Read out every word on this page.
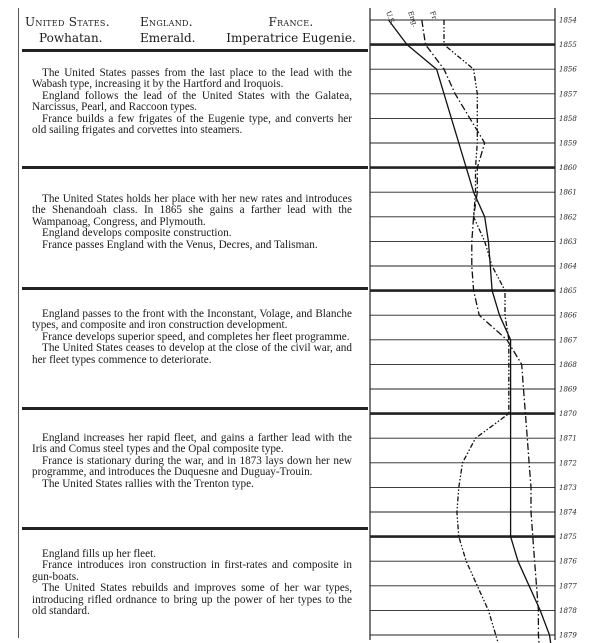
United States.
Powhatan.
England.
Emerald.
France.
Imperatrice Eugenie.

The United States passes from the last place to the lead with the Wabash type, increasing it by the Hartford and Iroquois.

England follows the lead of the United States with the Galatea, Narcissus, Pearl, and Raccoon types.

France builds a few frigates of the Eugenie type, and converts her old sailing frigates and corvettes into steamers.

The United States holds her place with her new rates and introduces the Shenandoah class. In 1865 she gains a farther lead with the Wampanoag, Congress, and Plymouth.

England develops composite construction.

France passes England with the Venus, Decres, and Talisman.

England passes to the front with the Inconstant, Volage, and Blanche types, and composite and iron construction development.

France develops superior speed, and completes her fleet programme.

The United States ceases to develop at the close of the civil war, and her fleet types commence to deteriorate.

England increases her rapid fleet, and gains a farther lead with the Iris and Comus steel types and the Opal composite type.

France is stationary during the war, and in 1873 lays down her new programme, and introduces the Duquesne and Duguay-Trouin.

The United States rallies with the Trenton type.

England fills up her fleet.

France introduces iron construction in first-rates and composite in gun-boats.

The United States rebuilds and improves some of her war types, introducing rifled ordnance to bring up the power of her types to the old standard.

1854
1855
1856
1857
1858
1859
1860
1861
1862
1863
1864
1865
1866
1867
1868
1869
1870
1871
1872
1873
1874
1875
1876
1877
1878
1879
U.S. Eng. Fr.
